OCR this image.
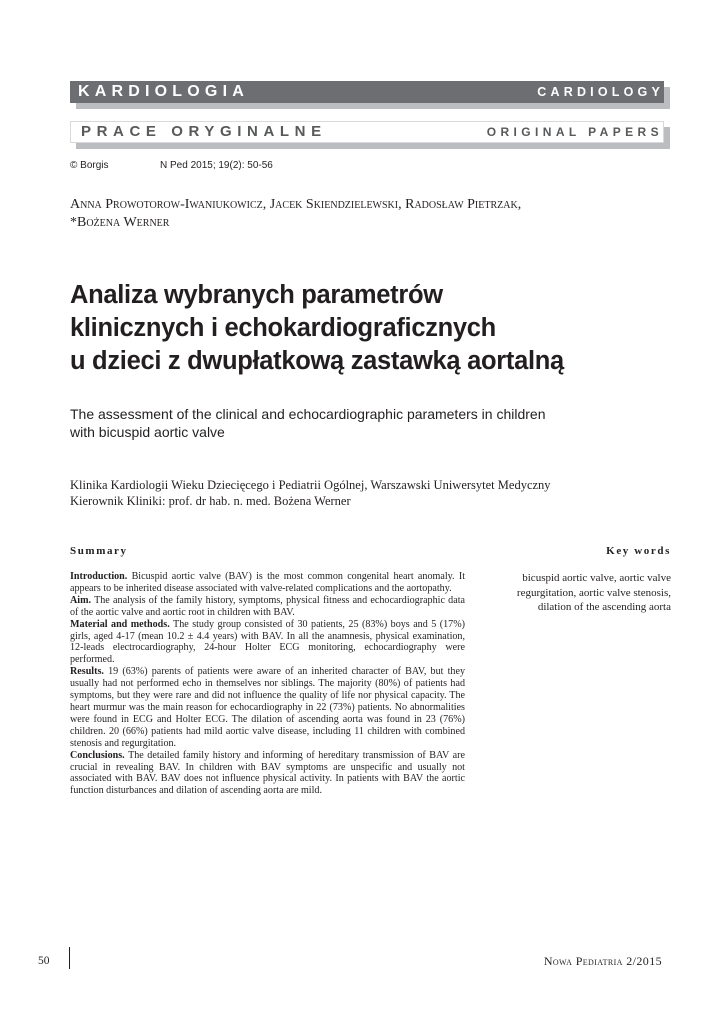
KARDIOLOGIA	CARDIOLOGY
PRACE ORYGINALNE	ORIGINAL PAPERS
© Borgis	N Ped 2015; 19(2): 50-56
Anna Prowotorow-Iwaniukowicz, Jacek Skiendzielewski, Radosław Pietrzak,
*Bożena Werner
Analiza wybranych parametrów
klinicznych i echokardiograficznych
u dzieci z dwupłatkową zastawką aortalną
The assessment of the clinical and echocardiographic parameters in children
with bicuspid aortic valve
Klinika Kardiologii Wieku Dziecięcego i Pediatrii Ogólnej, Warszawski Uniwersytet Medyczny
Kierownik Kliniki: prof. dr hab. n. med. Bożena Werner
Summary	Key words

Introduction. Bicuspid aortic valve (BAV) is the most common congenital heart anomaly. It appears to be inherited disease associated with valve-related complications and the aortopathy.

Aim. The analysis of the family history, symptoms, physical fitness and echocardiographic data of the aortic valve and aortic root in children with BAV.

Material and methods. The study group consisted of 30 patients, 25 (83%) boys and 5 (17%) girls, aged 4-17 (mean 10.2 ± 4.4 years) with BAV. In all the anamnesis, physical examination, 12-leads electrocardiography, 24-hour Holter ECG monitoring, echocardiography were performed.

Results. 19 (63%) parents of patients were aware of an inherited character of BAV, but they usually had not performed echo in themselves nor siblings. The majority (80%) of patients had symptoms, but they were rare and did not influence the quality of life nor physical capacity. The heart murmur was the main reason for echocardiography in 22 (73%) patients. No abnormalities were found in ECG and Holter ECG. The dilation of ascending aorta was found in 23 (76%) children. 20 (66%) patients had mild aortic valve disease, including 11 children with combined stenosis and regurgitation.

Conclusions. The detailed family history and informing of hereditary transmission of BAV are crucial in revealing BAV. In children with BAV symptoms are unspecific and usually not associated with BAV. BAV does not influence physical activity. In patients with BAV the aortic function disturbances and dilation of ascending aorta are mild.

bicuspid aortic valve, aortic valve
regurgitation, aortic valve stenosis,
dilation of the ascending aorta
50	Nowa Pediatria 2/2015
